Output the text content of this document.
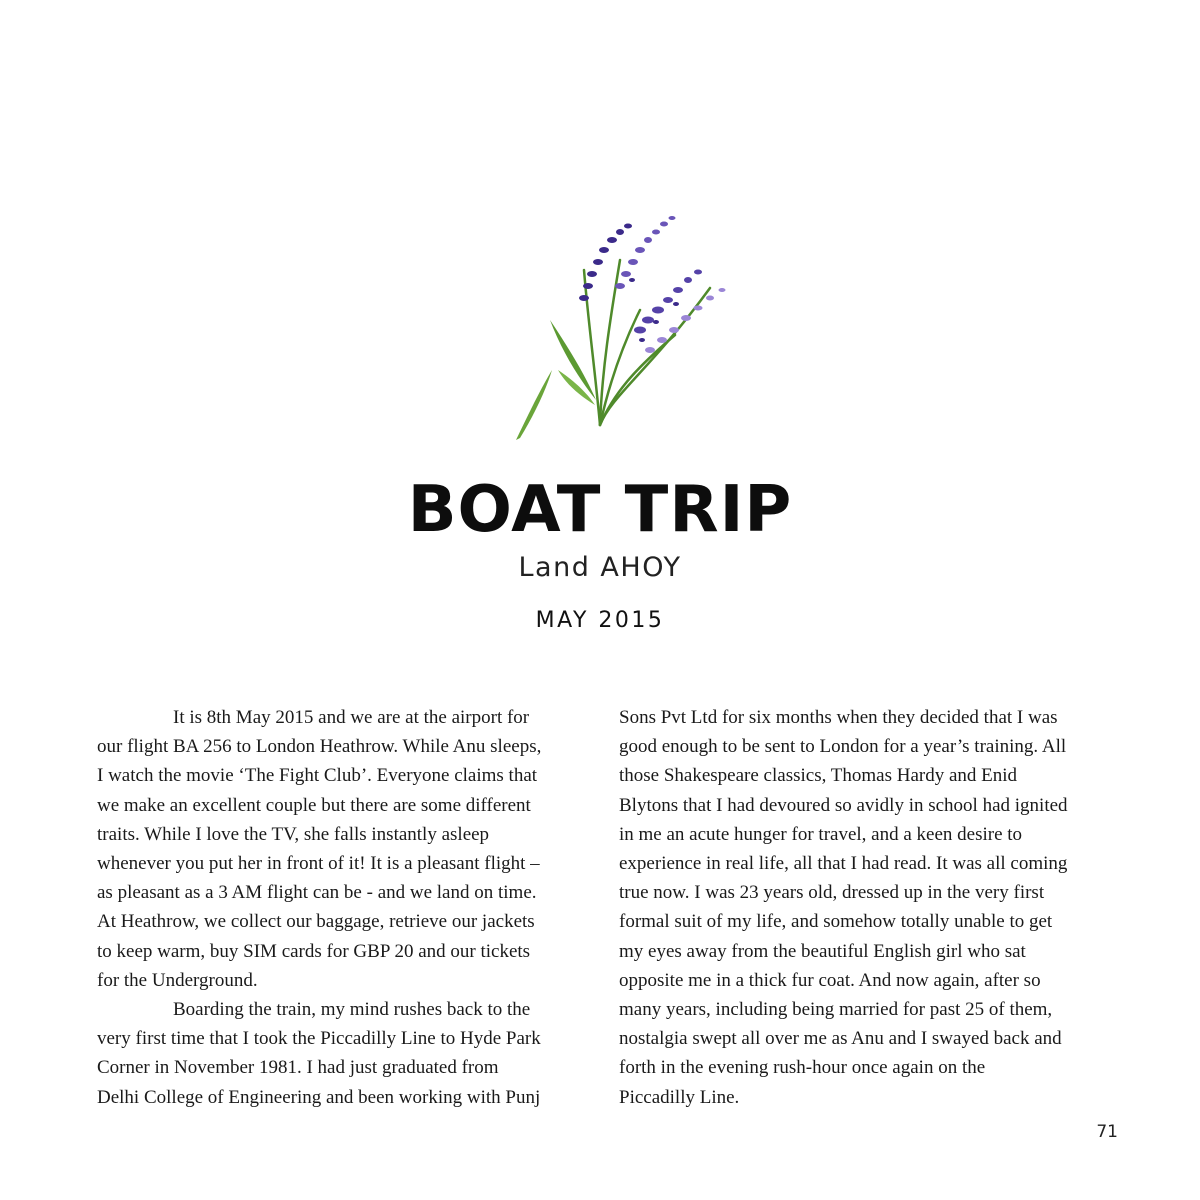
BOAT TRIP
Land AHOY
MAY 2015
It is 8th May 2015 and we are at the airport for
our flight BA 256 to London Heathrow. While Anu sleeps,
I watch the movie ‘The Fight Club’. Everyone claims that
we make an excellent couple but there are some different
traits. While I love the TV, she falls instantly asleep
whenever you put her in front of it! It is a pleasant flight –
as pleasant as a 3 AM flight can be - and we land on time.
At Heathrow, we collect our baggage, retrieve our jackets
to keep warm, buy SIM cards for GBP 20 and our tickets
for the Underground.
Boarding the train, my mind rushes back to the
very first time that I took the Piccadilly Line to Hyde Park
Corner in November 1981. I had just graduated from
Delhi College of Engineering and been working with Punj
Sons Pvt Ltd for six months when they decided that I was
good enough to be sent to London for a year’s training. All
those Shakespeare classics, Thomas Hardy and Enid
Blytons that I had devoured so avidly in school had ignited
in me an acute hunger for travel, and a keen desire to
experience in real life, all that I had read. It was all coming
true now. I was 23 years old, dressed up in the very first
formal suit of my life, and somehow totally unable to get
my eyes away from the beautiful English girl who sat
opposite me in a thick fur coat. And now again, after so
many years, including being married for past 25 of them,
nostalgia swept all over me as Anu and I swayed back and
forth in the evening rush-hour once again on the
Piccadilly Line.
71
